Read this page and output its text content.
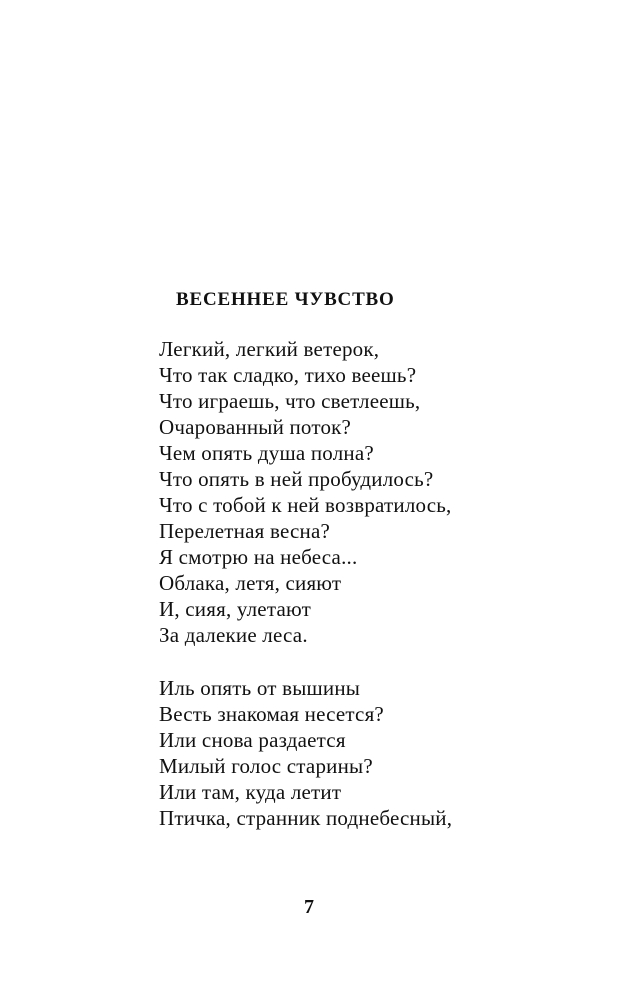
ВЕСЕННЕЕ ЧУВСТВО
Легкий, легкий ветерок,
Что так сладко, тихо веешь?
Что играешь, что светлеешь,
Очарованный поток?
Чем опять душа полна?
Что опять в ней пробудилось?
Что с тобой к ней возвратилось,
Перелетная весна?
Я смотрю на небеса...
Облака, летя, сияют
И, сияя, улетают
За далекие леса.
Иль опять от вышины
Весть знакомая несется?
Или снова раздается
Милый голос старины?
Или там, куда летит
Птичка, странник поднебесный,
7
